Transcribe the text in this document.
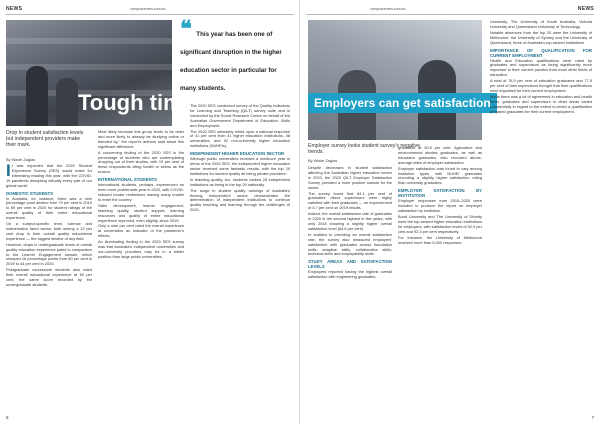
NEWS	campusreview.com.au
Tough times
Drop in student satisfaction levels but independent providers make their mark.
By Wade Zaglas
❝ This year has been one of significant disruption in the higher education sector in particular for many students.

It was expected that the 2020 Student Experience Survey (SES) would make for interesting reading this year, with the COVID-19 pandemic disrupting virtually every part of our global world.

DOMESTIC STUDENTS

In Australia, for instance, there was a nine percentage point decline from 79 per cent in 2019 to 69 per cent in 2020 for student ratings of the overall quality of their entire educational experience.

On a subject-specific level, science and mathematics fared worse, both seeing a 13 per cent drop in their overall quality educational experience — the biggest decline of any field.

However, drops in undergraduate levels of overall quality education experience paled in comparison to the Learner Engagement domain, which slumped 16 percentage points from 60 per cent in 2019 to 44 per cent in 2020.

Postgraduate coursework students also rated their overall educational experience at 69 per cent, the same score recorded by the undergraduate students.

Most likely because this group tends to be older and more likely to already be studying online or blended by," the report's authors said about this significant difference.

A concerning finding of the 2020 SES is the percentage of students who are contemplating dropping out of their studies, with 19 per cent of these respondents citing health or stress as the reason.

INTERNATIONAL STUDENTS

International students, perhaps, experienced an even more problematic year in 2020, with COVID-induced border restrictions leaving many unable to enter the country.

Skills development, learner engagement, teaching quality, student support, learning resources and quality of entire educational experience improved, even slightly, since 2019.

Only a nine per cent rated the overall experience at universities an indicator of the pandemic's effects.

An illuminating finding in the 2020 SES survey was that Australia's independent universities and non-university providers may be in a better position than large public universities.

The 2020 SES conducted survey of the Quality Indicators for Learning and Teaching (QILT) survey suite and is conducted by the Social Research Centre on behalf of the Australian Government Department of Education, Skills and Employment.

The 2020 SES ultimately relied upon a national response of 41 per cent from 41 higher education institutions, 48 universities, and 92 non-university higher education institutions (NUHEIs).

INDEPENDENT HIGHER EDUCATION SECTOR

Although public universities endured a mediocre year in terms of the 2020 SES, the independent higher education sector received some fantastic results, with the top 20 institutions for student quality all being private providers.

In teaching quality, too, students ranked 28 independent institutions as being in the top 29 nationally.

The surge in student quality rankings of Australia's thriving independent sector demonstrates the determination of independent institutions to continue quality teaching and learning through the challenges of 2020.

6
NEWS
campusreview.com.au
Employers can get satisfaction
Employer survey looks student survey's negative trends.
By Wade Zaglas

Despite decreases in student satisfaction affecting the Australian higher education sector in 2020, the 2020 QILT Employer Satisfaction Survey provided a more positive outlook for the sector.

The survey found that 84.1 per cent of graduates' direct supervisors were highly satisfied with their graduates — an improvement of 0.7 per cent on 2019 results.

Indeed, the overall satisfaction rate of graduates in 2020 is the second highest in five years, with only 2018 showing a slightly higher overall satisfaction level (84.6 per cent).

In addition to providing an overall satisfaction rate, the survey also measured employers' satisfaction with graduates across foundation skills, adaptive skills, collaborative skills, technical skills and employability skills.

STUDY AREAS AND SATISFACTION LEVELS

Employers reported having the highest overall satisfaction with engineering graduates.

graduates at 90.5 per cent. Agriculture and environmental studies graduates, as well as education graduates, also recorded above-average rates of employer satisfaction.

Employer satisfaction was found to vary among institution types, with NUHEI graduates recording a slightly higher satisfaction rating than university graduates.

EMPLOYER SATISFACTION BY INSTITUTION

Employer responses from 2018–2020 were included to produce the report on employer satisfaction by institution.

Bond University and The University of Divinity were the top-ranked higher education institutions for employers, with satisfaction levels of 92.9 per cent and 92.3 per cent respectively.

For instance, the University of Melbourne received more than 5,000 responses.

University, The University of South Australia, Victoria University and Queensland University of Technology.

Notable absences from the top 20 were the University of Melbourne, the University of Sydney and the University of Queensland, three of Australia's top-ranked institutions.

IMPORTANCE OF QUALIFICATION FOR CURRENT EMPLOYMENT

Health and Education qualifications were rated by graduates and supervisors as being significantly more important to their current position than most other fields of education.

A total of 78.9 per cent of education graduates and 77.5 per cent of their supervisors thought that their qualifications were important for their current employment.

While there was a lot of agreement in education and health fields, graduates and supervisors in other areas varied substantially in regard to the extent to which a qualification prepared graduates for their current employment.

7
